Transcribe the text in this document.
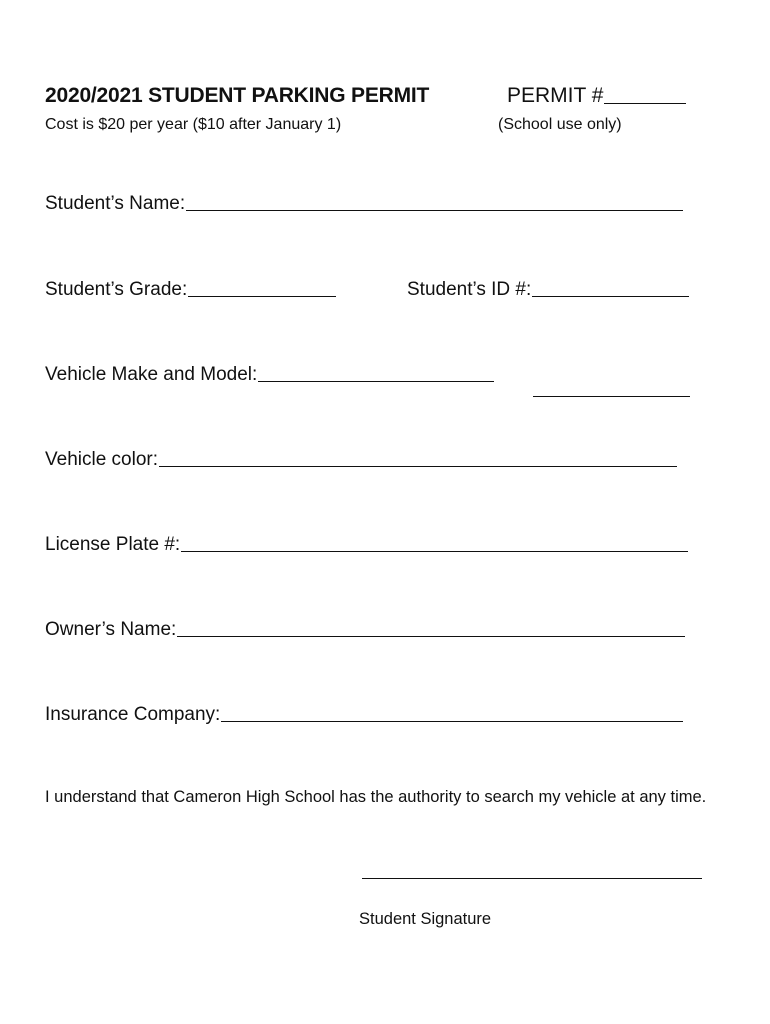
2020/2021 STUDENT PARKING PERMIT
Cost is $20 per year ($10 after January 1)
PERMIT #
(School use only)
Student’s Name:
Student’s Grade:	Student’s ID #:
Vehicle Make and Model:
Vehicle color:
License Plate #:
Owner’s Name:
Insurance Company:
I understand that Cameron High School has the authority to search my vehicle at any time.
Student Signature
